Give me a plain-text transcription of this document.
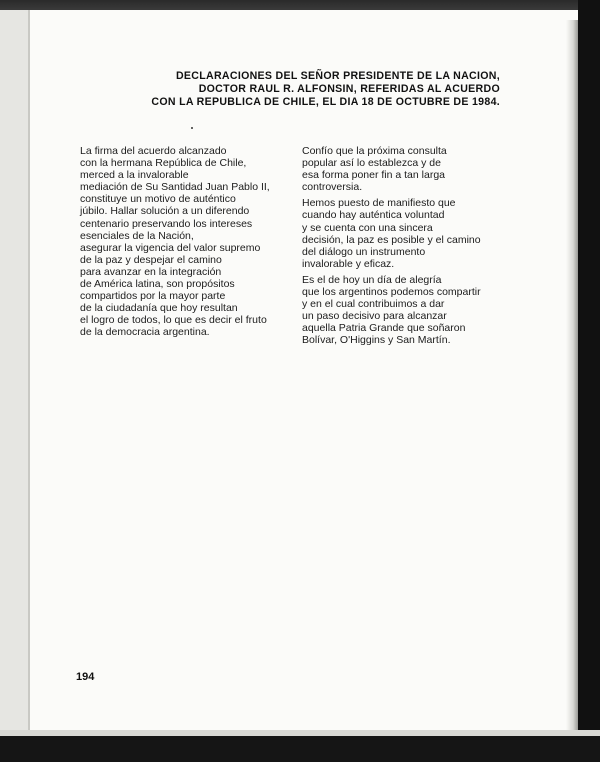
DECLARACIONES DEL SEÑOR PRESIDENTE DE LA NACION,
DOCTOR RAUL R. ALFONSIN, REFERIDAS AL ACUERDO
CON LA REPUBLICA DE CHILE, EL DIA 18 DE OCTUBRE DE 1984.
La firma del acuerdo alcanzado
con la hermana República de Chile,
merced a la invalorable
mediación de Su Santidad Juan Pablo II,
constituye un motivo de auténtico
júbilo. Hallar solución a un diferendo
centenario preservando los intereses
esenciales de la Nación,
asegurar la vigencia del valor supremo
de la paz y despejar el camino
para avanzar en la integración
de América latina, son propósitos
compartidos por la mayor parte
de la ciudadanía que hoy resultan
el logro de todos, lo que es decir el fruto
de la democracia argentina.
Confío que la próxima consulta
popular así lo establezca y de
esa forma poner fin a tan larga
controversia.
Hemos puesto de manifiesto que
cuando hay auténtica voluntad
y se cuenta con una sincera
decisión, la paz es posible y el camino
del diálogo un instrumento
invalorable y eficaz.
Es el de hoy un día de alegría
que los argentinos podemos compartir
y en el cual contribuimos a dar
un paso decisivo para alcanzar
aquella Patria Grande que soñaron
Bolívar, O'Higgins y San Martín.
194
